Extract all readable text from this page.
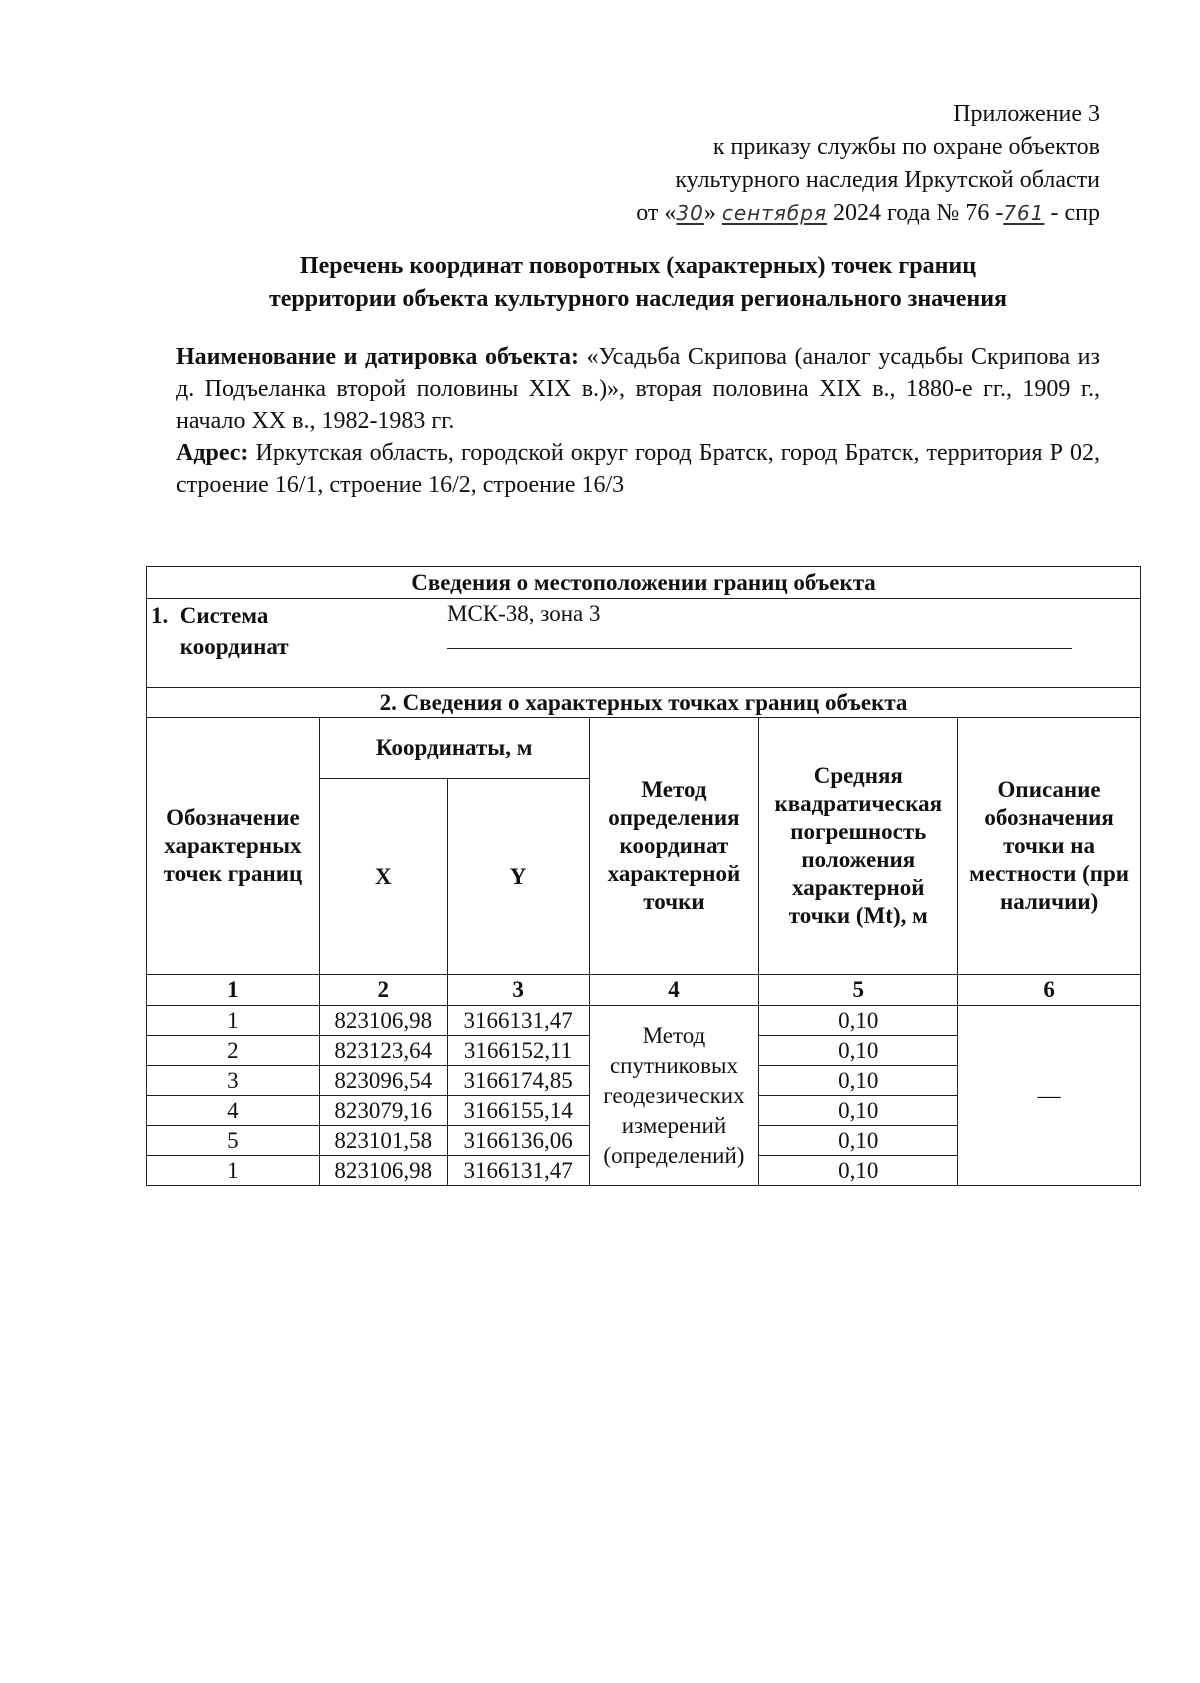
Приложение 3
к приказу службы по охране объектов
культурного наследия Иркутской области
от «30» сентября 2024 года № 76 -761 - спр
Перечень координат поворотных (характерных) точек границ
территории объекта культурного наследия регионального значения

Наименование и датировка объекта: «Усадьба Скрипова (аналог усадьбы Скрипова из д. Подъеланка второй половины XIX в.)», вторая половина XIX в., 1880-е гг., 1909 г., начало XX в., 1982-1983 гг.

Адрес: Иркутская область, городской округ город Братск, город Братск, территория Р 02, строение 16/1, строение 16/2, строение 16/3

Сведения о местоположении границ объекта					

1. Система
координат
МСК-38, зона 3					

2. Сведения о характерных точках границ объекта					
Обозначение характерных точек границ	Координаты, м		Метод определения координат характерной точки	Средняя квадратическая погрешность положения характерной точки (Mt), м	Описание обозначения точки на местности (при наличии)
	X	Y			
1	2	3	4	5	6
1	823106,98	3166131,47	Метод спутниковых геодезических измерений (определений)	0,10	—
2	823123,64	3166152,11		0,10	
3	823096,54	3166174,85		0,10	
4	823079,16	3166155,14		0,10	
5	823101,58	3166136,06		0,10	
1	823106,98	3166131,47		0,10	
